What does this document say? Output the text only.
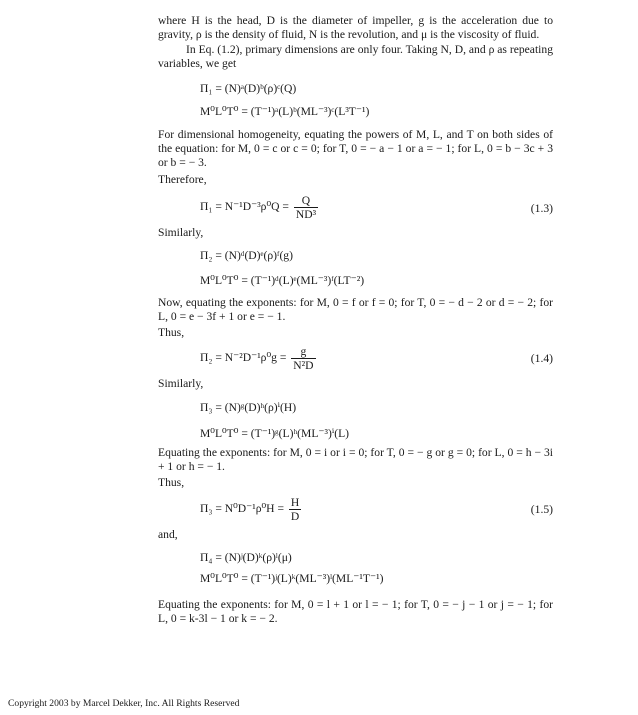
where H is the head, D is the diameter of impeller, g is the acceleration due to gravity, ρ is the density of fluid, N is the revolution, and μ is the viscosity of fluid.
In Eq. (1.2), primary dimensions are only four. Taking N, D, and ρ as repeating variables, we get
Π₁ = (N)ᵃ(D)ᵇ(ρ)ᶜ(Q)
M⁰L⁰T⁰ = (T⁻¹)ᵃ(L)ᵇ(ML⁻³)ᶜ(L³T⁻¹)
For dimensional homogeneity, equating the powers of M, L, and T on both sides of the equation: for M, 0 = c or c = 0; for T, 0 = − a − 1 or a = − 1; for L, 0 = b − 3c + 3 or b = − 3.
Therefore,
$\Pi_1 = N^{-1}D^{-3}\rho^0Q = \frac{Q}{\text{ND³}}$	(1.3)
Similarly,
Π₂ = (N)ᵈ(D)ᵉ(ρ)ᶠ(g)
M⁰L⁰T⁰ = (T⁻¹)ᵈ(L)ᵉ(ML⁻³)ᶠ(LT⁻²)
Now, equating the exponents: for M, 0 = f or f = 0; for T, 0 = − d − 2 or d = − 2; for L, 0 = e − 3f + 1 or e = − 1.
Thus,
$\Pi_2 = N^{-2}D^{-1}\rho^0g = \frac{g}{\text{N²D}}$	(1.4)
Similarly,
Π₃ = (N)ᵍ(D)ʰ(ρ)ⁱ(H)
M⁰L⁰T⁰ = (T⁻¹)ᵍ(L)ʰ(ML⁻³)ⁱ(L)
Equating the exponents: for M, 0 = i or i = 0; for T, 0 = − g or g = 0; for L, 0 = h − 3i + 1 or h = − 1.
Thus,
$\Pi_3 = N^0D^{-1}\rho^0H = \frac{H}{D}$	(1.5)
and,
Π₄ = (N)ʲ(D)ᵏ(ρ)ˡ(μ)
M⁰L⁰T⁰ = (T⁻¹)ʲ(L)ᵏ(ML⁻³)ˡ(ML⁻¹T⁻¹)
Equating the exponents: for M, 0 = l + 1 or l = − 1; for T, 0 = − j − 1 or j = − 1; for L, 0 = k-3l − 1 or k = − 2.
Copyright 2003 by Marcel Dekker, Inc. All Rights Reserved
